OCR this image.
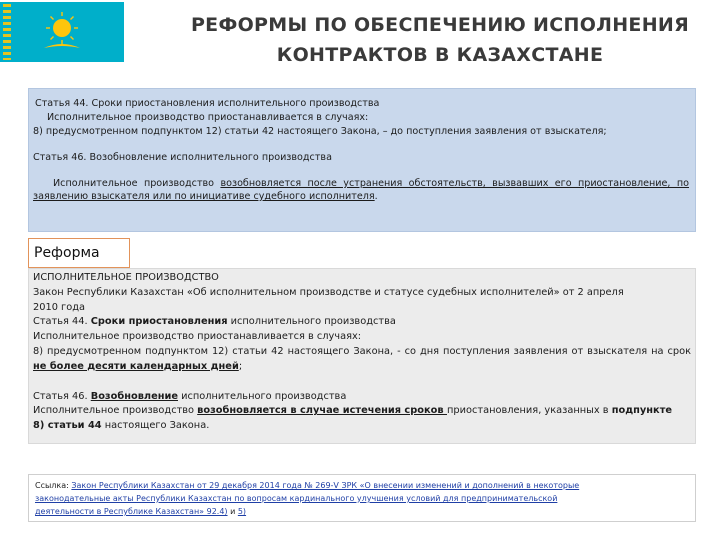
РЕФОРМЫ ПО ОБЕСПЕЧЕНИЮ ИСПОЛНЕНИЯ
КОНТРАКТОВ В КАЗАХСТАНЕ
Статья 44. Сроки приостановления исполнительного производства
Исполнительное производство приостанавливается в случаях:
8) предусмотренном подпунктом 12) статьи 42 настоящего Закона, – до поступления заявления от взыскателя;
Статья 46. Возобновление исполнительного производства
Исполнительное производство возобновляется после устранения обстоятельств, вызвавших его приостановление, по заявлению взыскателя или по инициативе судебного исполнителя.
Реформа
ИСПОЛНИТЕЛЬНОЕ ПРОИЗВОДСТВО
Закон Республики Казахстан «Об исполнительном производстве и статусе судебных исполнителей» от 2 апреля
2010 года
Статья 44. Сроки приостановления исполнительного производства
Исполнительное производство приостанавливается в случаях:
8) предусмотренном подпунктом 12) статьи 42 настоящего Закона, - со дня поступления заявления от взыскателя на срок не более десяти календарных дней;
Статья 46. Возобновление исполнительного производства
Исполнительное производство возобновляется в случае истечения сроков приостановления, указанных в подпункте
8) статьи 44 настоящего Закона.
Ссылка: Закон Республики Казахстан от 29 декабря 2014 года № 269-V ЗРК «О внесении изменений и дополнений в некоторые
законодательные акты Республики Казахстан по вопросам кардинального улучшения условий для предпринимательской
деятельности в Республике Казахстан» 92.4) и 5)
